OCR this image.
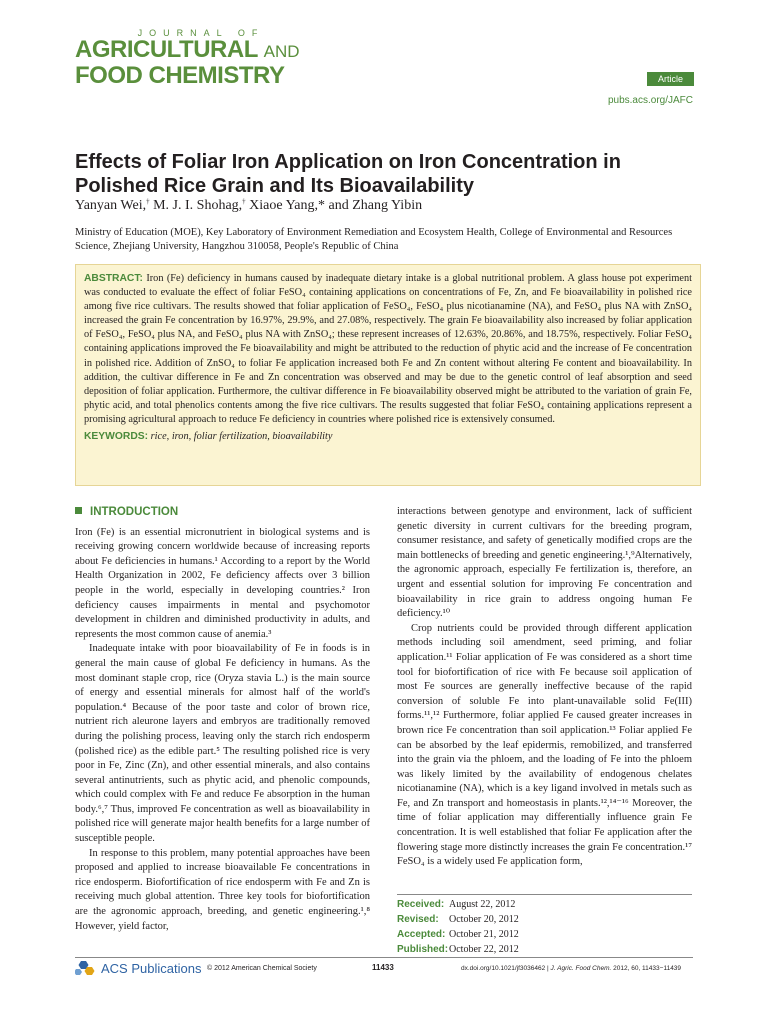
JOURNAL OF
AGRICULTURAL AND
FOOD CHEMISTRY	Article
pubs.acs.org/JAFC
Effects of Foliar Iron Application on Iron Concentration in Polished Rice Grain and Its Bioavailability
Yanyan Wei,† M. J. I. Shohag,† Xiaoe Yang,* and Zhang Yibin
Ministry of Education (MOE), Key Laboratory of Environment Remediation and Ecosystem Health, College of Environmental and Resources Science, Zhejiang University, Hangzhou 310058, People's Republic of China

ABSTRACT: Iron (Fe) deficiency in humans caused by inadequate dietary intake is a global nutritional problem. A glass house pot experiment was conducted to evaluate the effect of foliar FeSO₄ containing applications on concentrations of Fe, Zn, and Fe bioavailability in polished rice among five rice cultivars. The results showed that foliar application of FeSO₄, FeSO₄ plus nicotianamine (NA), and FeSO₄ plus NA with ZnSO₄ increased the grain Fe concentration by 16.97%, 29.9%, and 27.08%, respectively. The grain Fe bioavailability also increased by foliar application of FeSO₄, FeSO₄ plus NA, and FeSO₄ plus NA with ZnSO₄; these represent increases of 12.63%, 20.86%, and 18.75%, respectively. Foliar FeSO₄ containing applications improved the Fe bioavailability and might be attributed to the reduction of phytic acid and the increase of Fe concentration in polished rice. Addition of ZnSO₄ to foliar Fe application increased both Fe and Zn content without altering Fe content and bioavailability. In addition, the cultivar difference in Fe and Zn concentration was observed and may be due to the genetic control of leaf absorption and seed deposition of foliar application. Furthermore, the cultivar difference in Fe bioavailability observed might be attributed to the variation of grain Fe, phytic acid, and total phenolics contents among the five rice cultivars. The results suggested that foliar FeSO₄ containing applications represent a promising agricultural approach to reduce Fe deficiency in countries where polished rice is extensively consumed.

KEYWORDS: rice, iron, foliar fertilization, bioavailability

INTRODUCTION

Iron (Fe) is an essential micronutrient in biological systems and is receiving growing concern worldwide because of increasing reports about Fe deficiencies in humans.¹ According to a report by the World Health Organization in 2002, Fe deficiency affects over 3 billion people in the world, especially in developing countries.² Iron deficiency causes impairments in mental and psychomotor development in children and diminished productivity in adults, and represents the most common cause of anemia.³

Inadequate intake with poor bioavailability of Fe in foods is in general the main cause of global Fe deficiency in humans. As the most dominant staple crop, rice (Oryza stavia L.) is the main source of energy and essential minerals for almost half of the world's population.⁴ Because of the poor taste and color of brown rice, nutrient rich aleurone layers and embryos are traditionally removed during the polishing process, leaving only the starch rich endosperm (polished rice) as the edible part.⁵ The resulting polished rice is very poor in Fe, Zinc (Zn), and other essential minerals, and also contains several antinutrients, such as phytic acid, and phenolic compounds, which could complex with Fe and reduce Fe absorption in the human body.⁶,⁷ Thus, improved Fe concentration as well as bioavailability in polished rice will generate major health benefits for a large number of susceptible people.

In response to this problem, many potential approaches have been proposed and applied to increase bioavailable Fe concentrations in rice endosperm. Biofortification of rice endosperm with Fe and Zn is receiving much global attention. Three key tools for biofortification are the agronomic approach, breeding, and genetic engineering.¹,⁸ However, yield factor,

interactions between genotype and environment, lack of sufficient genetic diversity in current cultivars for the breeding program, consumer resistance, and safety of genetically modified crops are the main bottlenecks of breeding and genetic engineering.¹,⁹Alternatively, the agronomic approach, especially Fe fertilization is, therefore, an urgent and essential solution for improving Fe concentration and bioavailability in rice grain to address ongoing human Fe deficiency.¹⁰

Crop nutrients could be provided through different application methods including soil amendment, seed priming, and foliar application.¹¹ Foliar application of Fe was considered as a short time tool for biofortification of rice with Fe because soil application of most Fe sources are generally ineffective because of the rapid conversion of soluble Fe into plant-unavailable solid Fe(III) forms.¹¹,¹² Furthermore, foliar applied Fe caused greater increases in brown rice Fe concentration than soil application.¹³ Foliar applied Fe can be absorbed by the leaf epidermis, remobilized, and transferred into the grain via the phloem, and the loading of Fe into the phloem was likely limited by the availability of endogenous chelates nicotianamine (NA), which is a key ligand involved in metals such as Fe, and Zn transport and homeostasis in plants.¹²,¹⁴⁻¹⁶ Moreover, the time of foliar application may differentially influence grain Fe concentration. It is well established that foliar Fe application after the flowering stage more distinctly increases the grain Fe concentration.¹⁷ FeSO₄ is a widely used Fe application form,

Received: August 22, 2012
Revised: October 20, 2012
Accepted: October 21, 2012
Published:October 22, 2012
ACS Publications © 2012 American Chemical Society	11433	dx.doi.org/10.1021/jf3036462 | J. Agric. Food Chem. 2012, 60, 11433−11439
